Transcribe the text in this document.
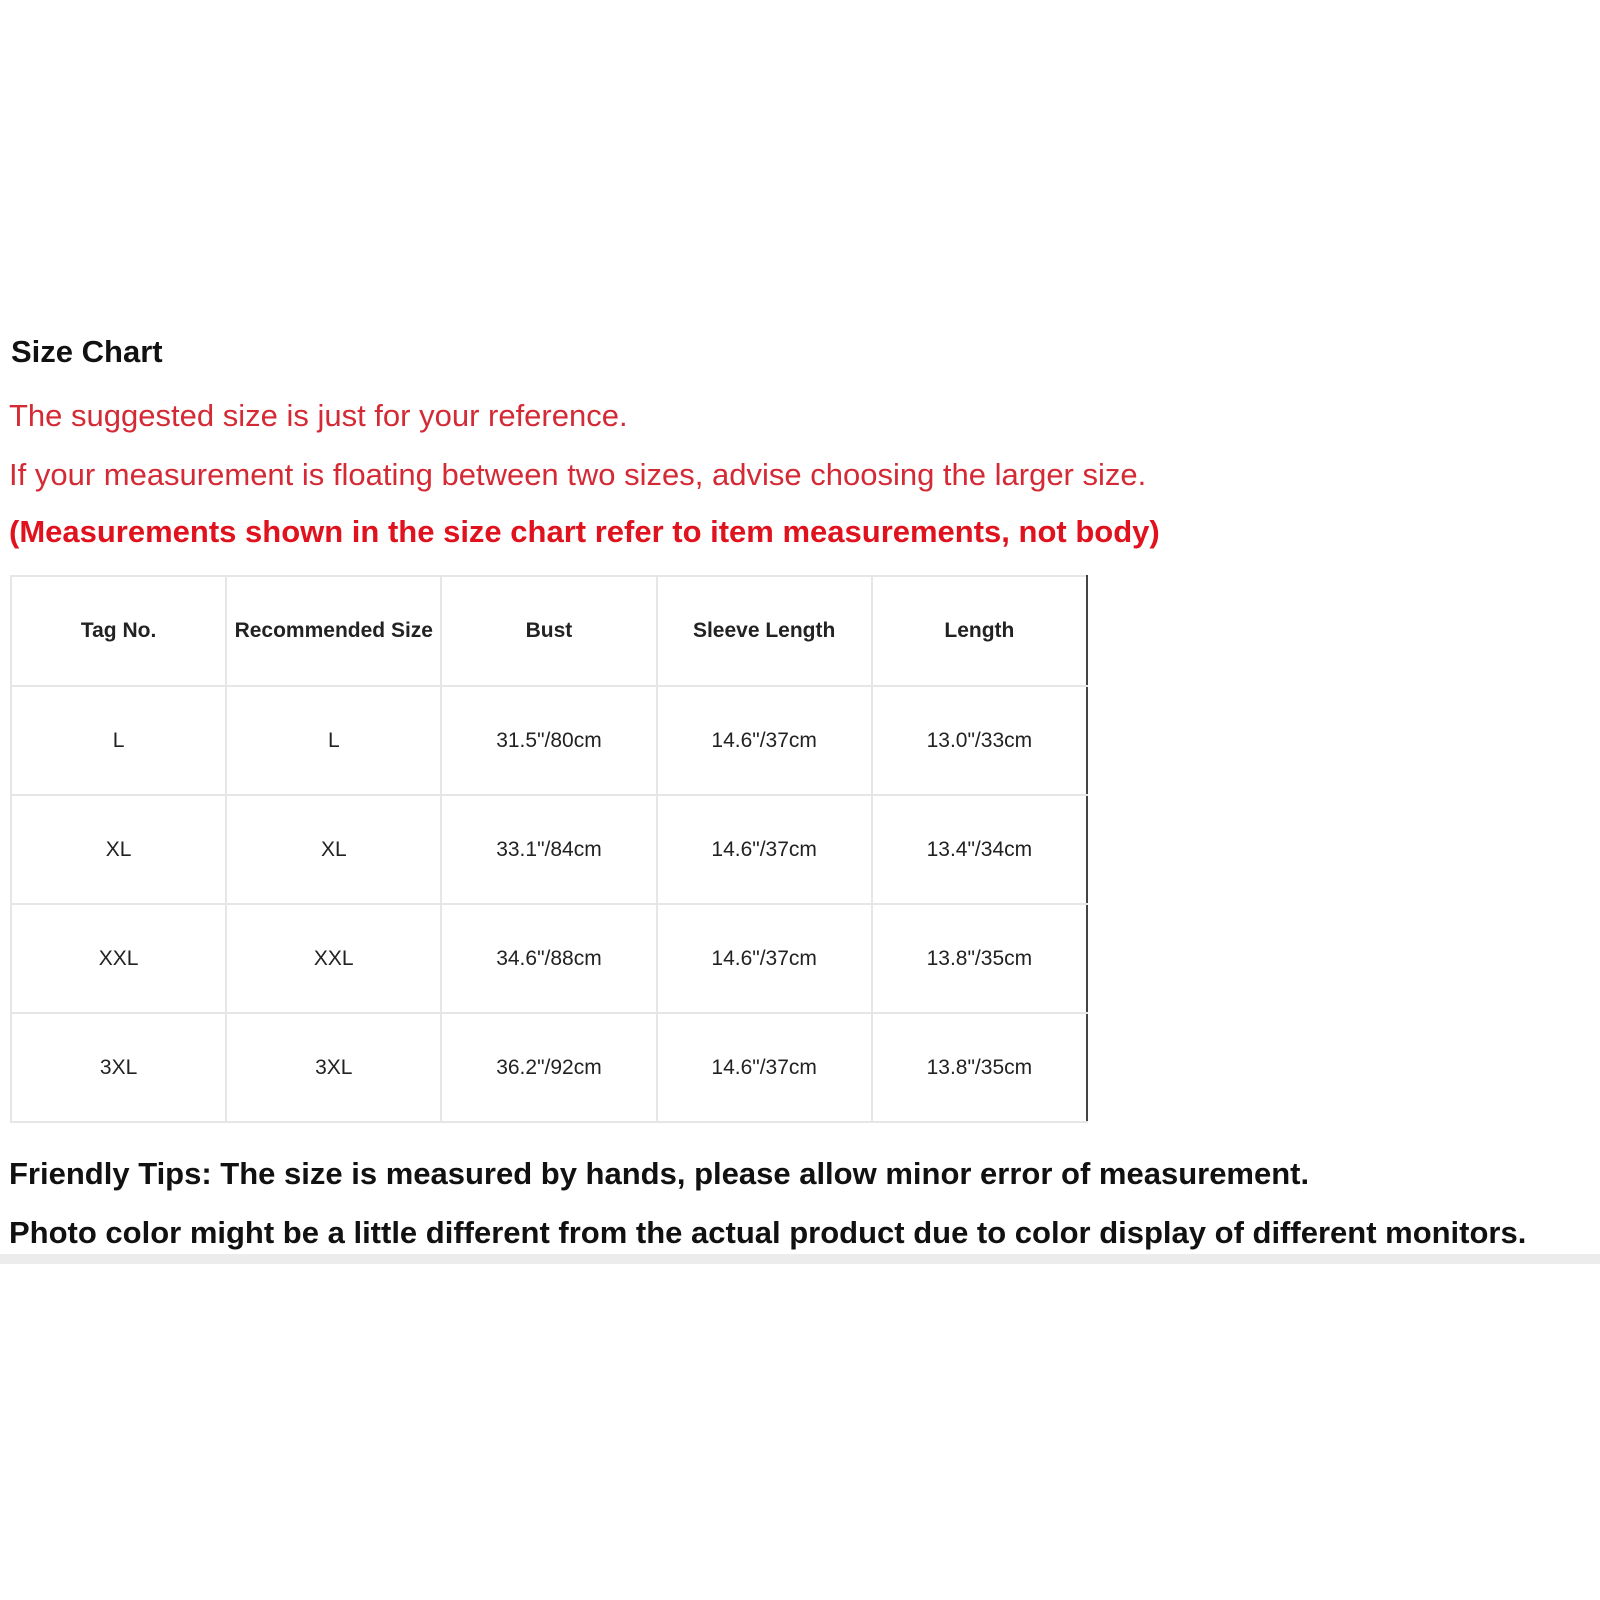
Size Chart
The suggested size is just for your reference.
If your measurement is floating between two sizes, advise choosing the larger size.
(Measurements shown in the size chart refer to item measurements, not body)
Tag No.	Recommended Size	Bust	Sleeve Length	Length
L	L	31.5"/80cm	14.6"/37cm	13.0"/33cm
XL	XL	33.1"/84cm	14.6"/37cm	13.4"/34cm
XXL	XXL	34.6"/88cm	14.6"/37cm	13.8"/35cm
3XL	3XL	36.2"/92cm	14.6"/37cm	13.8"/35cm
Friendly Tips: The size is measured by hands, please allow minor error of measurement.
Photo color might be a little different from the actual product due to color display of different monitors.
